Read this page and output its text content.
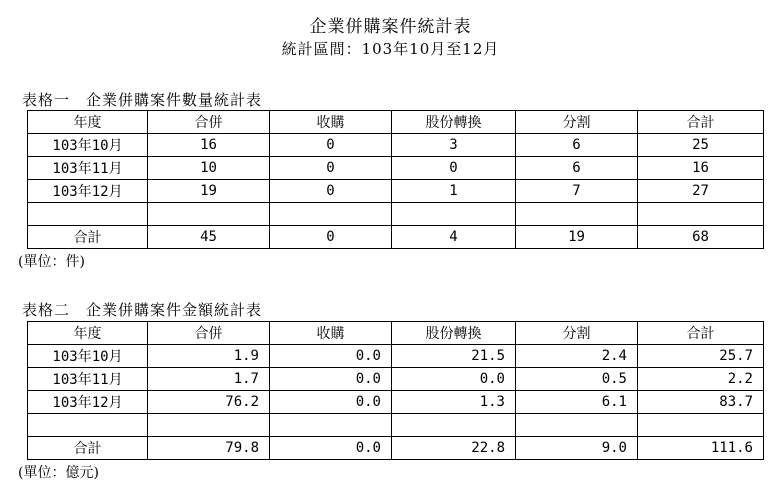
企業併購案件統計表
統計區間：103年10月至12月
表格一　企業併購案件數量統計表
年度	合併	收購	股份轉換	分割	合計
103年10月	16	0	3	6	25
103年11月	10	0	0	6	16
103年12月	19	0	1	7	27

合計	45	0	4	19	68
(單位：件)
表格二　企業併購案件金額統計表
年度	合併	收購	股份轉換	分割	合計
103年10月	1.9	0.0	21.5	2.4	25.7
103年11月	1.7	0.0	0.0	0.5	2.2
103年12月	76.2	0.0	1.3	6.1	83.7

合計	79.8	0.0	22.8	9.0	111.6
(單位：億元)
